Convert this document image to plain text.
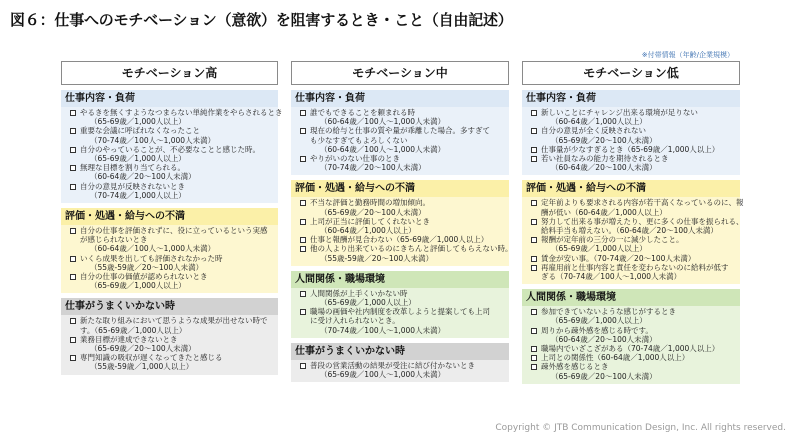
図６：仕事へのモチベーション（意欲）を阻害するとき・こと（自由記述）
※付帯情報（年齢/企業規模）
モチベーション高
仕事内容・負荷
やるきを無くすようなつまらない単純作業をやらされるとき
（65-69歳／1,000人以上）
重要な会議に呼ばれなくなったこと
（70-74歳／100人～1,000人未満）
自分のやっていることが、不必要なことと感じた時。
（65-69歳／1,000人以上）
無理な目標を割り当てられる。
（60-64歳／20～100人未満）
自分の意見が反映されないとき
（70-74歳／1,000人以上）
評価・処遇・給与への不満
自分の仕事を評価されずに、役に立っているという実感
が感じられないとき
（60-64歳／100人～1,000人未満）
いくら成果を出しても評価されなかった時
（55歳-59歳／20～100人未満）
自分の仕事の価値が認められないとき
（65-69歳／1,000人以上）
仕事がうまくいかない時
新たな取り組みにおいて思うような成果が出せない時で
す。（65-69歳／1,000人以上）
業務目標が達成できないとき
（65-69歳／20～100人未満）
専門知識の吸収が遅くなってきたと感じる
（55歳-59歳／1,000人以上）
モチベーション中
仕事内容・負荷
誰でもできることを頼まれる時
（60-64歳／100人～1,000人未満）
現在の給与と仕事の質や量が乖離した場合。多すぎて
も少なすぎてもよろしくない
（60-64歳／100人～1,000人未満）
やりがいのない仕事のとき
（70-74歳／20～100人未満）
評価・処遇・給与への不満
不当な評価と勤務時間の増加傾向。
（65-69歳／20～100人未満）
上司が正当に評価してくれないとき
（60-64歳／1,000人以上）
仕事と報酬が見合わない（65-69歳／1,000人以上）
他の人より出来ているのにきちんと評価してもらえない時。
（55歳-59歳／20～100人未満）
人間関係・職場環境
人間関係が上手くいかない時
（65-69歳／1,000人以上）
職場の画価や社内制度を改革しようと提案しても上司
に受け入れられないとき。
（70-74歳／100人～1,000人未満）
仕事がうまくいかない時
普段の営業活動の結果が受注に結び付かないとき
（65-69歳／100人～1,000人未満）
モチベーション低
仕事内容・負荷
新しいことにチャレンジ出来る環境が足りない
（60-64歳／1,000人以上）
自分の意見が全く反映されない
（65-69歳／20～100人未満）
仕事量が少なすぎるとき（65-69歳／1,000人以上）
若い社員なみの能力を期待されるとき
（60-64歳／20～100人未満）
評価・処遇・給与への不満
定年前よりも要求される内容が若干高くなっているのに、報
酬が低い（60-64歳／1,000人以上）
努力して出来る事が増えたり、更に多くの仕事を振られる、
給料手当も増えない。（60-64歳／20～100人未満）
報酬が定年前の三分の一に減少したこと。
（65-69歳／1,000人以上）
賃金が安い事。（70-74歳／20～100人未満）
再雇用前と仕事内容と責任を変わらないのに給料が低す
ぎる（70-74歳／100人～1,000人未満）
人間関係・職場環境
参加できていないような感じがするとき
（65-69歳／1,000人以上）
周りから疎外感を感じる時です。
（60-64歳／20～100人未満）
職場内でいざこざがある（70-74歳／1,000人以上）
上司との関係性（60-64歳／1,000人以上）
疎外感を感じるとき
（65-69歳／20～100人未満）
Copyright © JTB Communication Design, Inc. All rights reserved.
